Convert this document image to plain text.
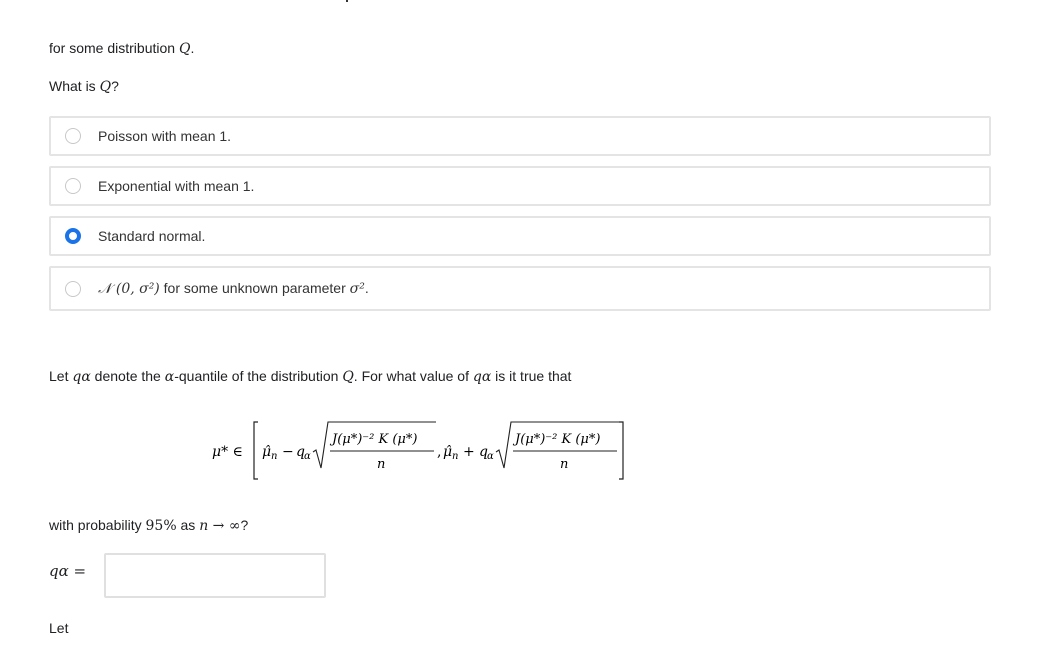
for some distribution Q.
What is Q?
Poisson with mean 1.
Exponential with mean 1.
Standard normal.
𝒩 (0, σ²) for some unknown parameter σ².
Let qα denote the α-quantile of the distribution Q. For what value of qα is it true that
μ* ∈ μ̂ n − q α
J(μ*)⁻² K (μ*)
n
, μ̂ n + q α
J(μ*)⁻² K (μ*)
n
with probability 95% as n → ∞?
qα =
Let
